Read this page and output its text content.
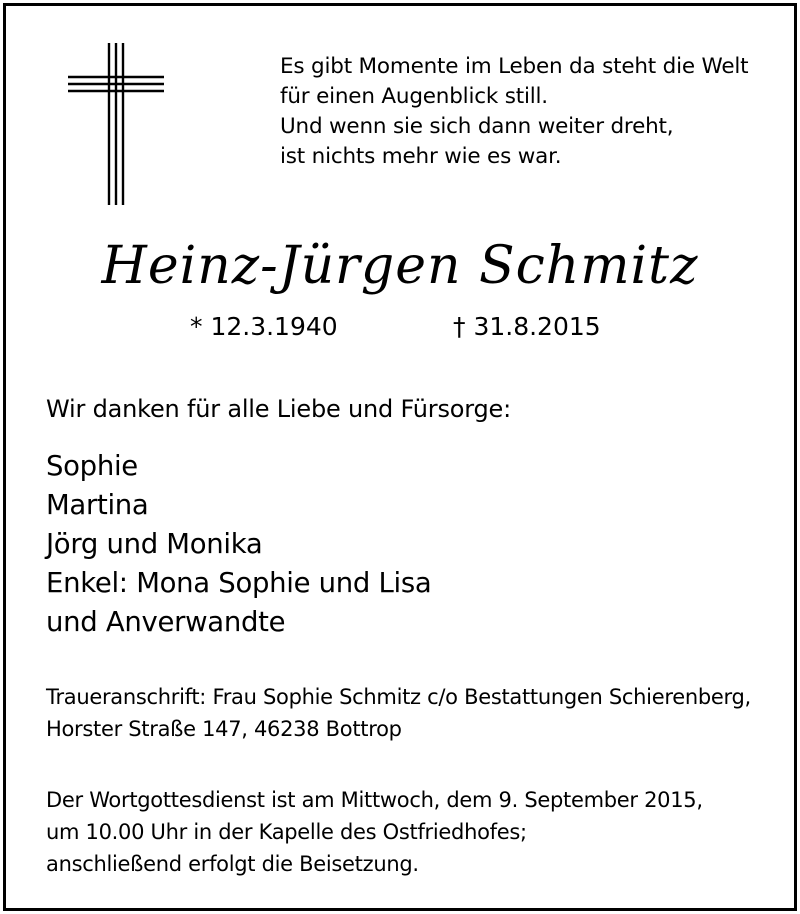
Es gibt Momente im Leben da steht die Welt
für einen Augenblick still.
Und wenn sie sich dann weiter dreht,
ist nichts mehr wie es war.
Heinz-Jürgen Schmitz
* 12.3.1940	† 31.8.2015
Wir danken für alle Liebe und Fürsorge:
Sophie
Martina
Jörg und Monika
Enkel: Mona Sophie und Lisa
und Anverwandte
Traueranschrift: Frau Sophie Schmitz c/o Bestattungen Schierenberg,
Horster Straße 147, 46238 Bottrop
Der Wortgottesdienst ist am Mittwoch, dem 9. September 2015,
um 10.00 Uhr in der Kapelle des Ostfriedhofes;
anschließend erfolgt die Beisetzung.
